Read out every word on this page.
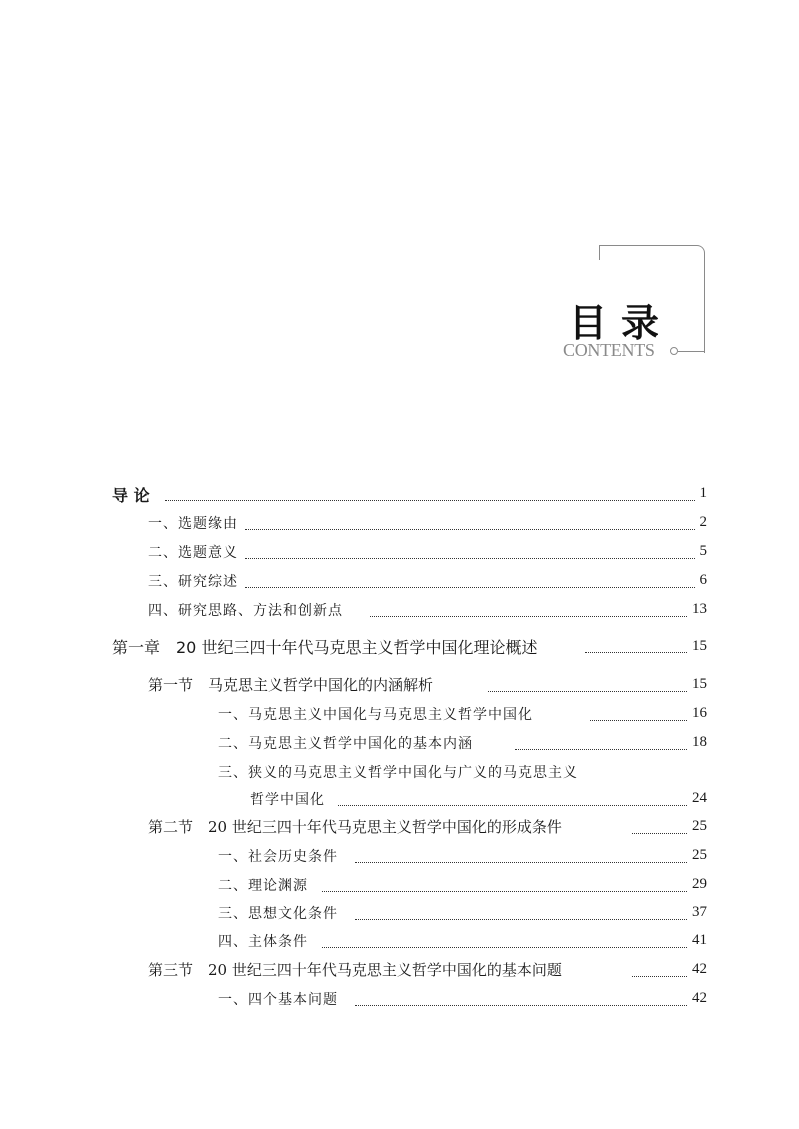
目录
CONTENTS
导 论	1
一、选题缘由	2
二、选题意义	5
三、研究综述	6
四、研究思路、方法和创新点	13
第一章　20 世纪三四十年代马克思主义哲学中国化理论概述	15
第一节　马克思主义哲学中国化的内涵解析	15
一、马克思主义中国化与马克思主义哲学中国化	16
二、马克思主义哲学中国化的基本内涵	18
三、狭义的马克思主义哲学中国化与广义的马克思主义
哲学中国化	24
第二节　20 世纪三四十年代马克思主义哲学中国化的形成条件	25
一、社会历史条件	25
二、理论渊源	29
三、思想文化条件	37
四、主体条件	41
第三节　20 世纪三四十年代马克思主义哲学中国化的基本问题	42
一、四个基本问题	42
